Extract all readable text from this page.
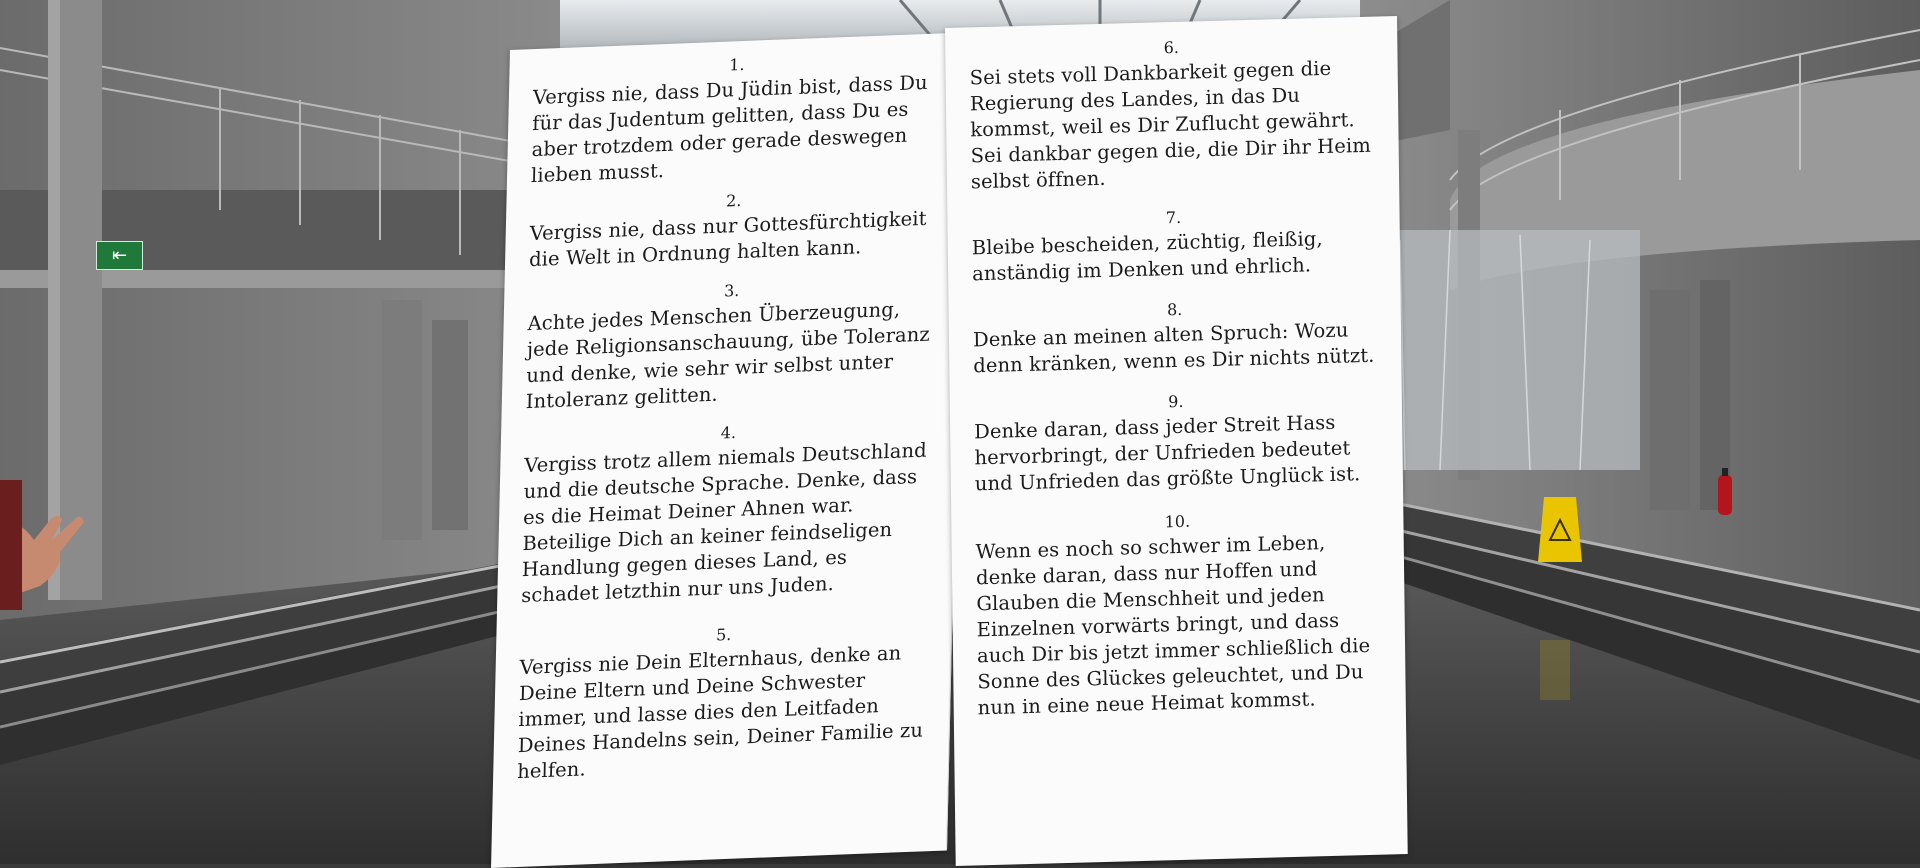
⇤
1.
Vergiss nie, dass Du Jüdin bist, dass Du für das Judentum gelitten, dass Du es aber trotzdem oder gerade deswegen lieben musst.
2.
Vergiss nie, dass nur Gottesfürchtigkeit die Welt in Ordnung halten kann.
3.
Achte jedes Menschen Überzeugung, jede Religionsanschauung, übe Toleranz und denke, wie sehr wir selbst unter Intoleranz gelitten.
4.
Vergiss trotz allem niemals Deutschland und die deutsche Sprache. Denke, dass es die Heimat Deiner Ahnen war. Beteilige Dich an keiner feindseligen Handlung gegen dieses Land, es schadet letzthin nur uns Juden.
5.
Vergiss nie Dein Elternhaus, denke an Deine Eltern und Deine Schwester immer, und lasse dies den Leitfaden Deines Handelns sein, Deiner Familie zu helfen.
6.
Sei stets voll Dankbarkeit gegen die Regierung des Landes, in das Du kommst, weil es Dir Zuflucht gewährt. Sei dankbar gegen die, die Dir ihr Heim selbst öffnen.
7.
Bleibe bescheiden, züchtig, fleißig, anständig im Denken und ehrlich.
8.
Denke an meinen alten Spruch: Wozu denn kränken, wenn es Dir nichts nützt.
9.
Denke daran, dass jeder Streit Hass hervorbringt, der Unfrieden bedeutet und Unfrieden das größte Unglück ist.
10.
Wenn es noch so schwer im Leben, denke daran, dass nur Hoffen und Glauben die Menschheit und jeden Einzelnen vorwärts bringt, und dass auch Dir bis jetzt immer schließlich die Sonne des Glückes geleuchtet, und Du nun in eine neue Heimat kommst.
